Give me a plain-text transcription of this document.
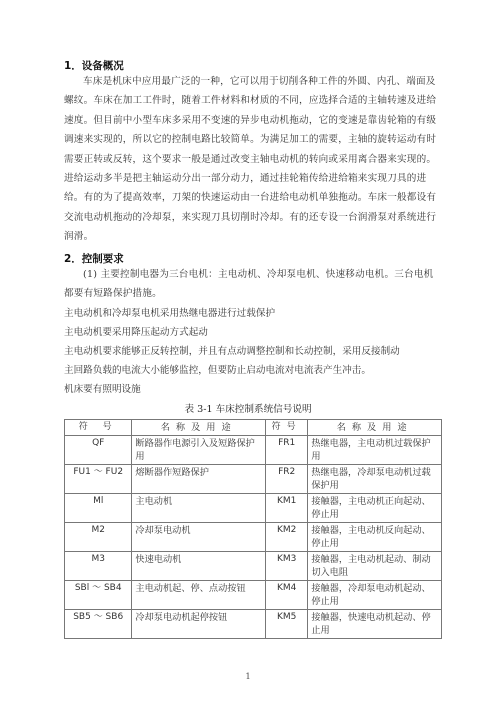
1．设备概况
车床是机床中应用最广泛的一种，它可以用于切削各种工件的外圆、内孔、端面及螺纹。车床在加工工件时，随着工件材料和材质的不同，应选择合适的主轴转速及进给速度。但目前中小型车床多采用不变速的异步电动机拖动，它的变速是靠齿轮箱的有级调速来实现的，所以它的控制电路比较简单。为满足加工的需要，主轴的旋转运动有时需要正转或反转，这个要求一般是通过改变主轴电动机的转向或采用离合器来实现的。进给运动多半是把主轴运动分出一部分动力，通过挂轮箱传给进给箱来实现刀具的进给。有的为了提高效率，刀架的快速运动由一台进给电动机单独拖动。车床一般都设有交流电动机拖动的冷却泵，来实现刀具切削时冷却。有的还专设一台润滑泵对系统进行润滑。
2．控制要求
(1) 主要控制电器为三台电机：主电动机、冷却泵电机、快速移动电机。三台电机都要有短路保护措施。
主电动机和冷却泵电机采用热继电器进行过载保护
主电动机要采用降压起动方式起动
主电动机要求能够正反转控制，并且有点动调整控制和长动控制，采用反接制动
主回路负载的电流大小能够监控，但要防止启动电流对电流表产生冲击。
机床要有照明设施
表 3-1 车床控制系统信号说明
符 号	名称及用途	符号	名称及用途
QF	断路器作电源引入及短路保护用	FR1	热继电器，主电动机过载保护用
FU1 ～ FU2	熔断器作短路保护	FR2	热继电器，冷却泵电动机过载保护用
Ml	主电动机	KM1	接触器，主电动机正向起动、停止用
M2	冷却泵电动机	KM2	接触器，主电动机反向起动、停止用
M3	快速电动机	KM3	接触器，主电动机起动、制动切入电阻
SBl ～ SB4	主电动机起、停、点动按钮	KM4	接触器，冷却泵电动机起动、停止用
SB5 ～ SB6	冷却泵电动机起停按钮	KM5	接触器，快速电动机起动、停止用
1
